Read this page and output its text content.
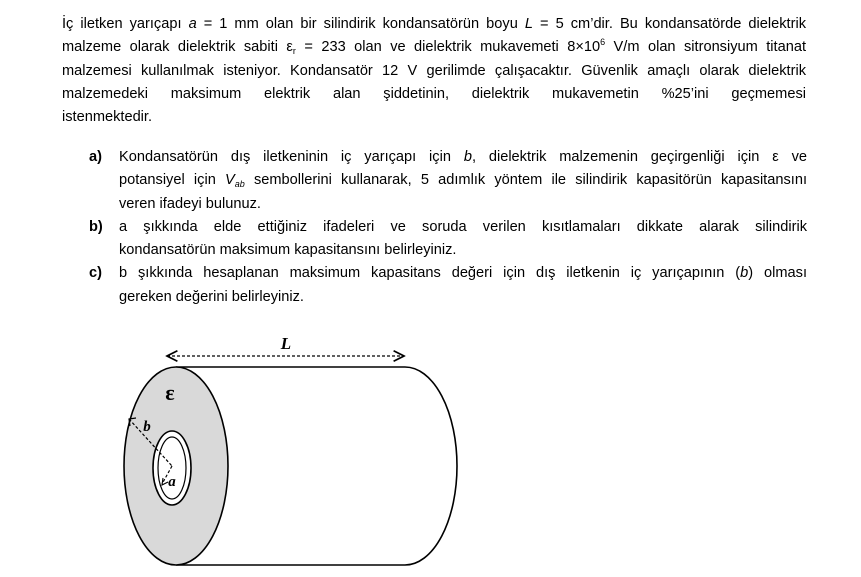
İç iletken yarıçapı a = 1 mm olan bir silindirik kondansatörün boyu L = 5 cm’dir. Bu kondansatörde dielektrik
malzeme olarak dielektrik sabiti $\varepsilon_r = 233$ olan ve dielektrik mukavemeti $8\times 10^6$ V/m olan sitronsiyum titanat
malzemesi kullanılmak isteniyor. Kondansatör 12 V gerilimde çalışacaktır. Güvenlik amaçlı olarak dielektrik
malzemedeki maksimum elektrik alan şiddetinin, dielektrik mukavemetin %25’ini geçmemesi
istenmektedir.
a) Kondansatörün dış iletkeninin iç yarıçapı için b, dielektrik malzemenin geçirgenliği için ε ve
potansiyel için $V_{ab}$ sembollerini kullanarak, 5 adımlık yöntem ile silindirik kapasitörün kapasitansını
veren ifadeyi bulunuz.
b) a şıkkında elde ettiğiniz ifadeleri ve soruda verilen kısıtlamaları dikkate alarak silindirik
kondansatörün maksimum kapasitansını belirleyiniz.
c) b şıkkında hesaplanan maksimum kapasitans değeri için dış iletkenin iç yarıçapının (b) olması
gereken değerini belirleyiniz.
L
ε
b
a
